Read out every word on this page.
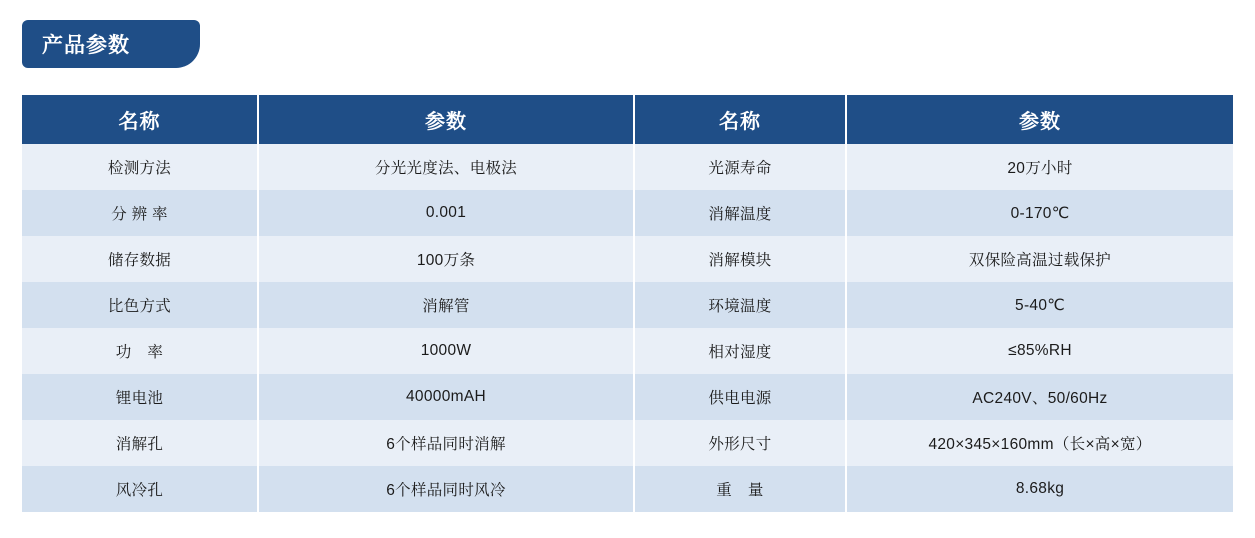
产品参数
名称	参数	名称	参数
检测方法	分光光度法、电极法	光源寿命	20万小时
分 辨 率	0.001	消解温度	0-170℃
储存数据	100万条	消解模块	双保险高温过载保护
比色方式	消解管	环境温度	5-40℃
功　率	1000W	相对湿度	≤85%RH
锂电池	40000mAH	供电电源	AC240V、50/60Hz
消解孔	6个样品同时消解	外形尺寸	420×345×160mm（长×高×宽）
风冷孔	6个样品同时风冷	重　量	8.68kg
